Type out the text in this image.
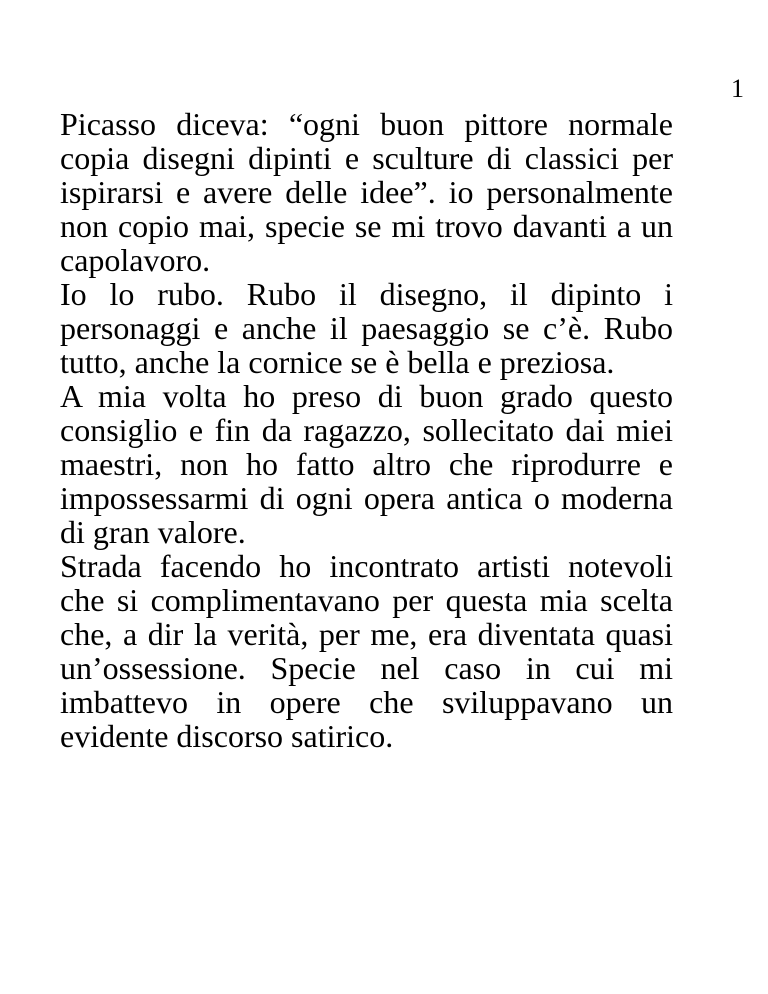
1

Picasso diceva: “ogni buon pittore normale copia disegni dipinti e sculture di classici per ispirarsi e avere delle idee”. io personalmente non copio mai, specie se mi trovo davanti a un capolavoro.

Io lo rubo. Rubo il disegno, il dipinto i personaggi e anche il paesaggio se c’è. Rubo tutto, anche la cornice se è bella e preziosa.

A mia volta ho preso di buon grado questo consiglio e fin da ragazzo, sollecitato dai miei maestri, non ho fatto altro che riprodurre e impossessarmi di ogni opera antica o moderna di gran valore.

Strada facendo ho incontrato artisti notevoli che si complimentavano per questa mia scelta che, a dir la verità, per me, era diventata quasi un’ossessione. Specie nel caso in cui mi imbattevo in opere che sviluppavano un evidente discorso satirico.
